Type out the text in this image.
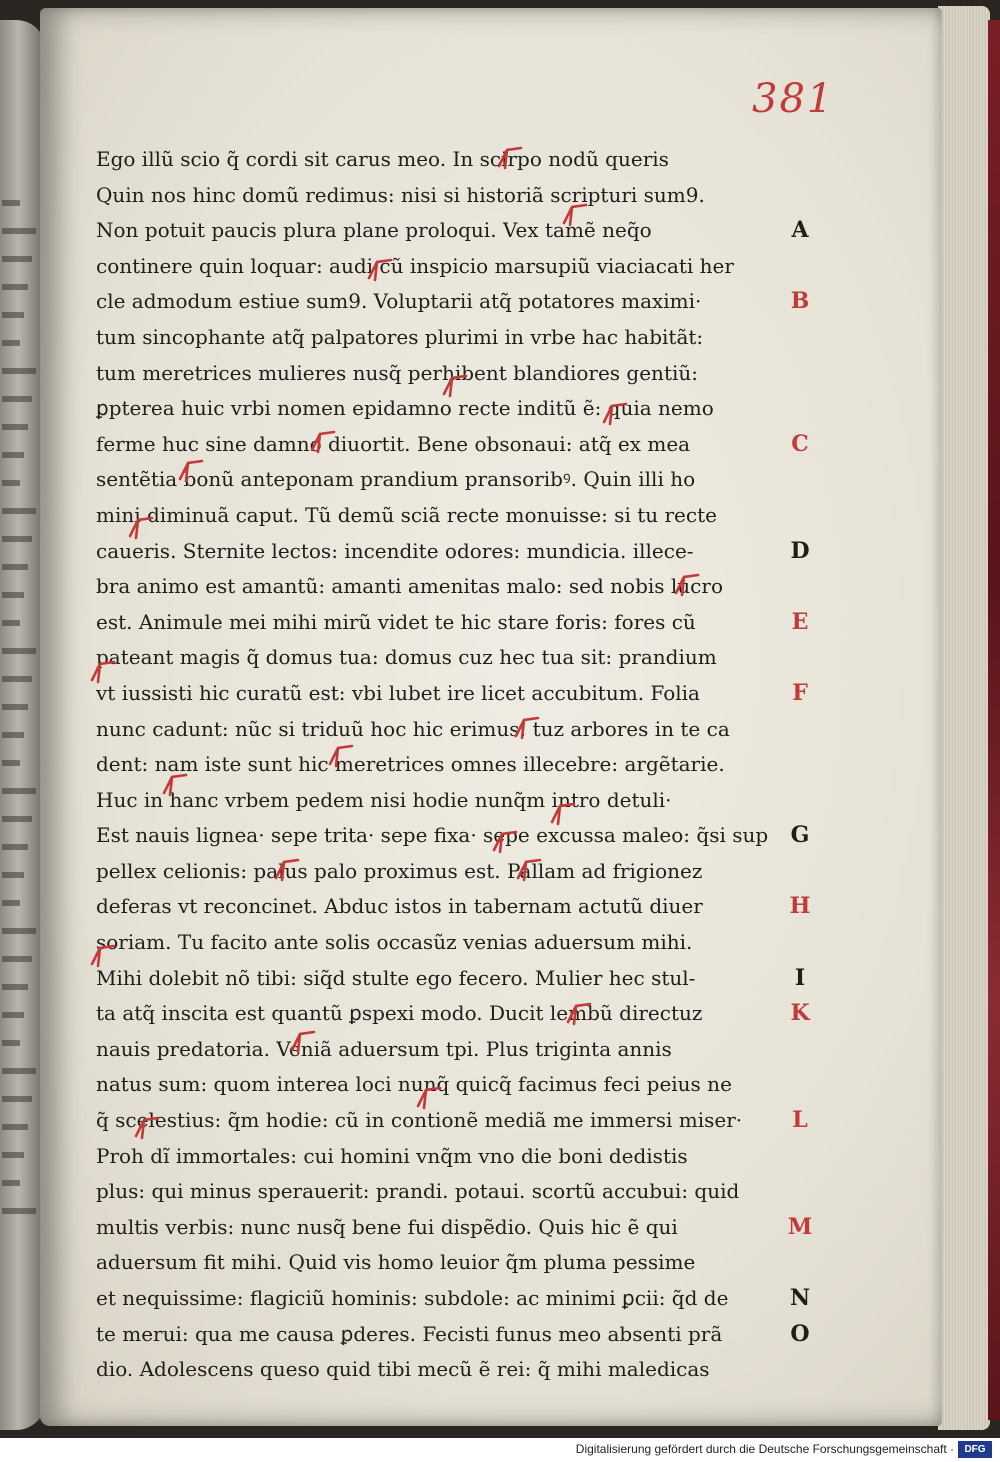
381

Ego illũ scio q̃ cordi sit carus meo. In scirpo nodũ queris
Quin nos hinc domũ redimus: nisi si historiã scripturi sum9.
Non potuit paucis plura plane proloqui. Vex tamẽ neq̃o
continere quin loquar: audi cũ inspicio marsupiũ viaciacati her
cle admodum estiue sum9. Voluptarii atq̃ potatores maximi·
tum sincophante atq̃ palpatores plurimi in vrbe hac habitãt:
tum meretrices mulieres nusq̃ perhibent blandiores gentiũ:
ꝑpterea huic vrbi nomen epidamno recte inditũ ẽ: quia nemo
ferme huc sine damno diuortit. Bene obsonaui: atq̃ ex mea
sentẽtia bonũ anteponam prandium pransoribꝰ. Quin illi ho
mini diminuã caput. Tũ demũ sciã recte monuisse: si tu recte
caueris. Sternite lectos: incendite odores: mundicia. illece-
bra animo est amantũ: amanti amenitas malo: sed nobis lucro
est. Animule mei mihi mirũ videt te hic stare foris: fores cũ
pateant magis q̃ domus tua: domus cuz hec tua sit: prandium
vt iussisti hic curatũ est: vbi lubet ire licet accubitum. Folia
nunc cadunt: nũc si triduũ hoc hic erimus: tuz arbores in te ca
dent: nam iste sunt hic meretrices omnes illecebre: argẽtarie.
Huc in hanc vrbem pedem nisi hodie nunq̃m intro detuli·
Est nauis lignea· sepe trita· sepe fixa· sepe excussa maleo: q̃si sup
pellex celionis: palus palo proximus est. Pallam ad frigionez
deferas vt reconcinet. Abduc istos in tabernam actutũ diuer
soriam. Tu facito ante solis occasũz venias aduersum mihi.
Mihi dolebit nõ tibi: siq̃d stulte ego fecero. Mulier hec stul-
ta atq̃ inscita est quantũ ꝑspexi modo. Ducit lembũ directuz
nauis predatoria. Veniã aduersum tpi. Plus triginta annis
natus sum: quom interea loci nunq̃ quicq̃ facimus feci peius ne
q̃ scelestius: q̃m hodie: cũ in contionẽ mediã me immersi miser·
Proh dĩ immortales: cui homini vnq̃m vno die boni dedistis
plus: qui minus sperauerit: prandi. potaui. scortũ accubui: quid
multis verbis: nunc nusq̃ bene fui dispẽdio. Quis hic ẽ qui
aduersum fit mihi. Quid vis homo leuior q̃m pluma pessime
et nequissime: flagiciũ hominis: subdole: ac minimi ꝑcii: q̃d de
te merui: qua me causa ꝑderes. Fecisti funus meo absenti prã
dio. Adolescens queso quid tibi mecũ ẽ rei: q̃ mihi maledicas
A
B
C
D
E
F
G
H
I
K
L
M
N
O

Digitalisierung gefördert durch die Deutsche Forschungsgemeinschaft ·	DFG
